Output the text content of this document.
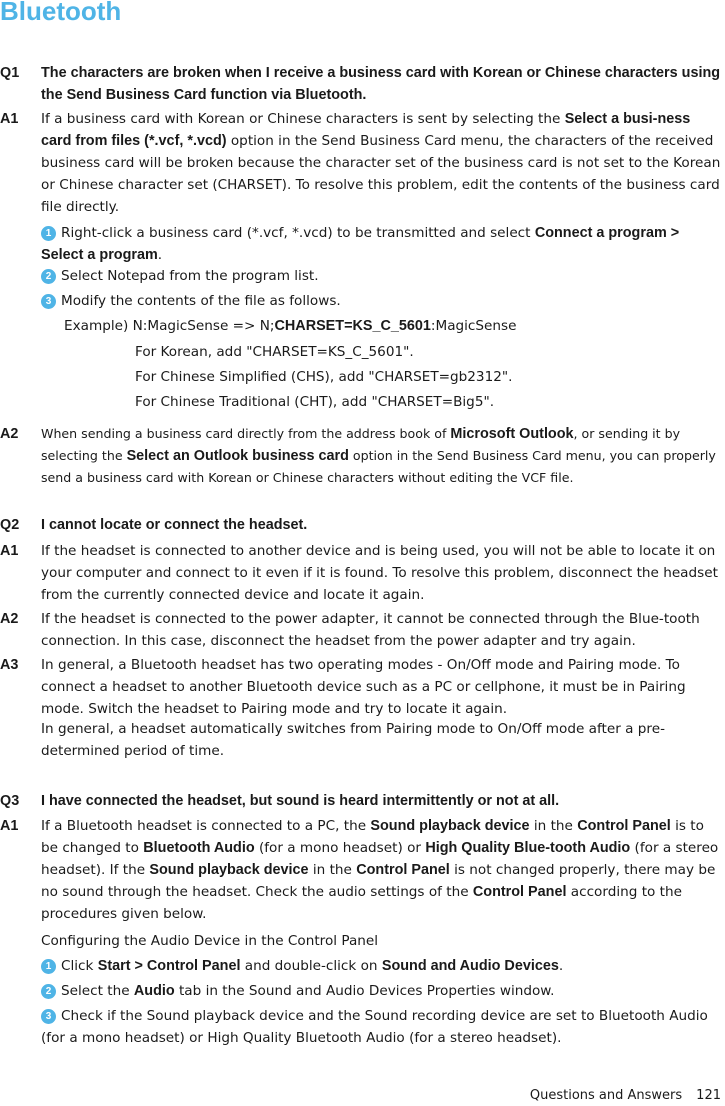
Bluetooth
Q1 The characters are broken when I receive a business card with Korean or Chinese characters using the Send Business Card function via Bluetooth.
A1 If a business card with Korean or Chinese characters is sent by selecting the Select a busi-ness card from files (*.vcf, *.vcd) option in the Send Business Card menu, the characters of the received business card will be broken because the character set of the business card is not set to the Korean or Chinese character set (CHARSET). To resolve this problem, edit the contents of the business card file directly.
1 Right-click a business card (*.vcf, *.vcd) to be transmitted and select Connect a program > Select a program.
2 Select Notepad from the program list.
3 Modify the contents of the file as follows.
Example) N:MagicSense => N;CHARSET=KS_C_5601:MagicSense
For Korean, add "CHARSET=KS_C_5601".
For Chinese Simplified (CHS), add "CHARSET=gb2312".
For Chinese Traditional (CHT), add "CHARSET=Big5".
A2 When sending a business card directly from the address book of Microsoft Outlook, or sending it by selecting the Select an Outlook business card option in the Send Business Card menu, you can properly send a business card with Korean or Chinese characters without editing the VCF file.
Q2 I cannot locate or connect the headset.
A1 If the headset is connected to another device and is being used, you will not be able to locate it on your computer and connect to it even if it is found. To resolve this problem, disconnect the headset from the currently connected device and locate it again.
A2 If the headset is connected to the power adapter, it cannot be connected through the Blue-tooth connection. In this case, disconnect the headset from the power adapter and try again.
A3 In general, a Bluetooth headset has two operating modes - On/Off mode and Pairing mode. To connect a headset to another Bluetooth device such as a PC or cellphone, it must be in Pairing mode. Switch the headset to Pairing mode and try to locate it again.
In general, a headset automatically switches from Pairing mode to On/Off mode after a pre-determined period of time.
Q3 I have connected the headset, but sound is heard intermittently or not at all.
A1 If a Bluetooth headset is connected to a PC, the Sound playback device in the Control Panel is to be changed to Bluetooth Audio (for a mono headset) or High Quality Blue-tooth Audio (for a stereo headset). If the Sound playback device in the Control Panel is not changed properly, there may be no sound through the headset. Check the audio settings of the Control Panel according to the procedures given below.
Configuring the Audio Device in the Control Panel
1 Click Start > Control Panel and double-click on Sound and Audio Devices.
2 Select the Audio tab in the Sound and Audio Devices Properties window.
3 Check if the Sound playback device and the Sound recording device are set to Bluetooth Audio (for a mono headset) or High Quality Bluetooth Audio (for a stereo headset).
Questions and Answers 121
